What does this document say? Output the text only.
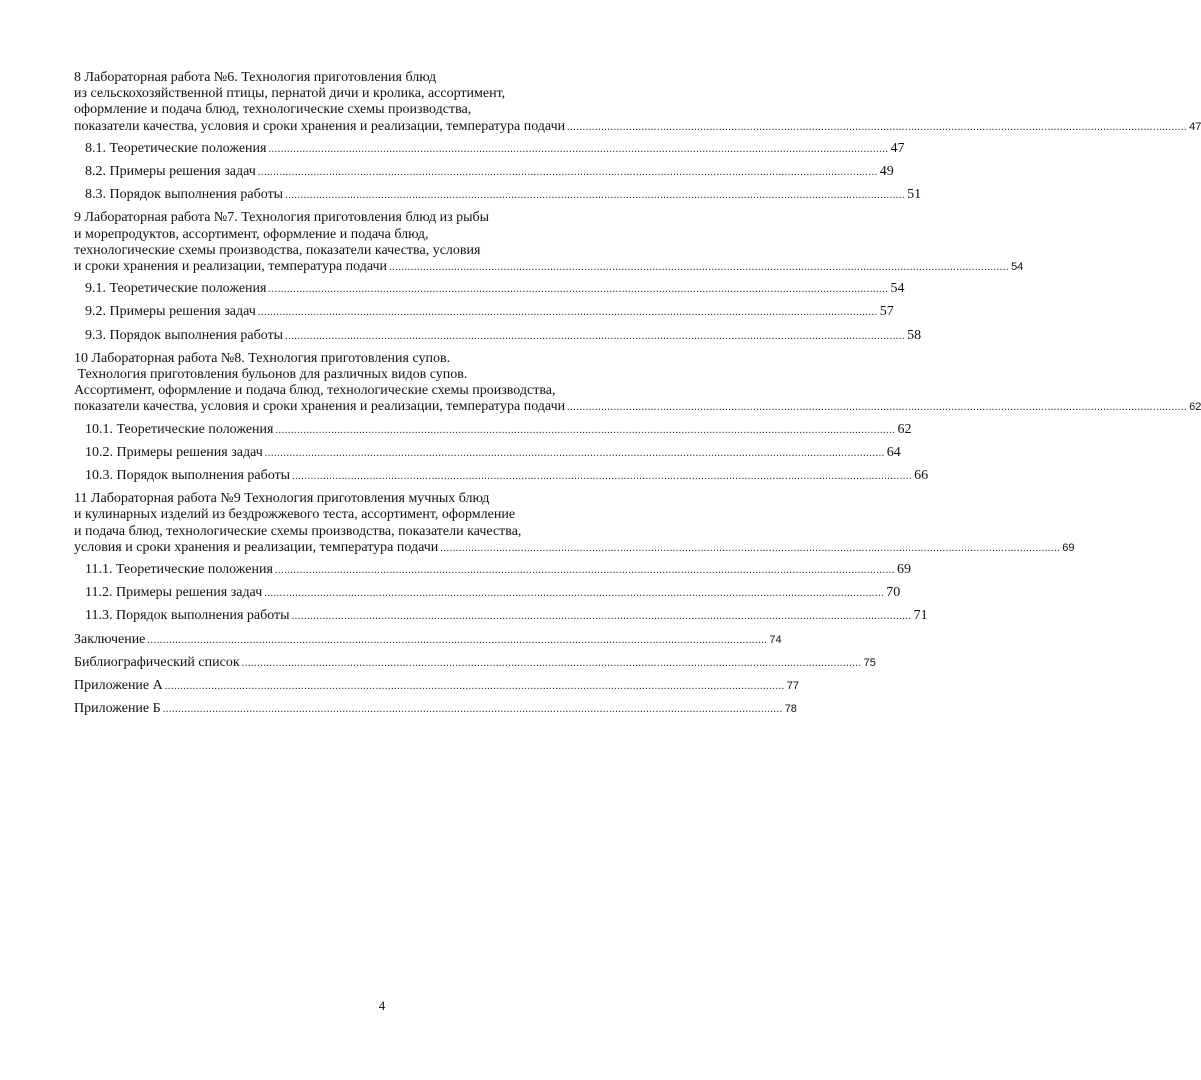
8 Лабораторная работа №6. Технология приготовления блюд
из сельскохозяйственной птицы, пернатой дичи и кролика, ассортимент,
оформление и подача блюд, технологические схемы производства,
показатели качества, условия и сроки хранения и реализации, температура подачи ........................................................................................................................................................................................................ 47
8.1. Теоретические положения ........................................................................................................................................................................................................ 47
8.2. Примеры решения задач ........................................................................................................................................................................................................ 49
8.3. Порядок выполнения работы ........................................................................................................................................................................................................ 51
9 Лабораторная работа №7. Технология приготовления блюд из рыбы
и морепродуктов, ассортимент, оформление и подача блюд,
технологические схемы производства, показатели качества, условия
и сроки хранения и реализации, температура подачи ........................................................................................................................................................................................................ 54
9.1. Теоретические положения ........................................................................................................................................................................................................ 54
9.2. Примеры решения задач ........................................................................................................................................................................................................ 57
9.3. Порядок выполнения работы ........................................................................................................................................................................................................ 58
10 Лабораторная работа №8. Технология приготовления супов.
Технология приготовления бульонов для различных видов супов.
Ассортимент, оформление и подача блюд, технологические схемы производства,
показатели качества, условия и сроки хранения и реализации, температура подачи ........................................................................................................................................................................................................ 62
10.1. Теоретические положения ........................................................................................................................................................................................................ 62
10.2. Примеры решения задач ........................................................................................................................................................................................................ 64
10.3. Порядок выполнения работы ........................................................................................................................................................................................................ 66
11 Лабораторная работа №9 Технология приготовления мучных блюд
и кулинарных изделий из бездрожжевого теста, ассортимент, оформление
и подача блюд, технологические схемы производства, показатели качества,
условия и сроки хранения и реализации, температура подачи ........................................................................................................................................................................................................ 69
11.1. Теоретические положения ........................................................................................................................................................................................................ 69
11.2. Примеры решения задач ........................................................................................................................................................................................................ 70
11.3. Порядок выполнения работы ........................................................................................................................................................................................................ 71
Заключение ........................................................................................................................................................................................................ 74
Библиографический список ........................................................................................................................................................................................................ 75
Приложение А ........................................................................................................................................................................................................ 77
Приложение Б ........................................................................................................................................................................................................ 78
4
